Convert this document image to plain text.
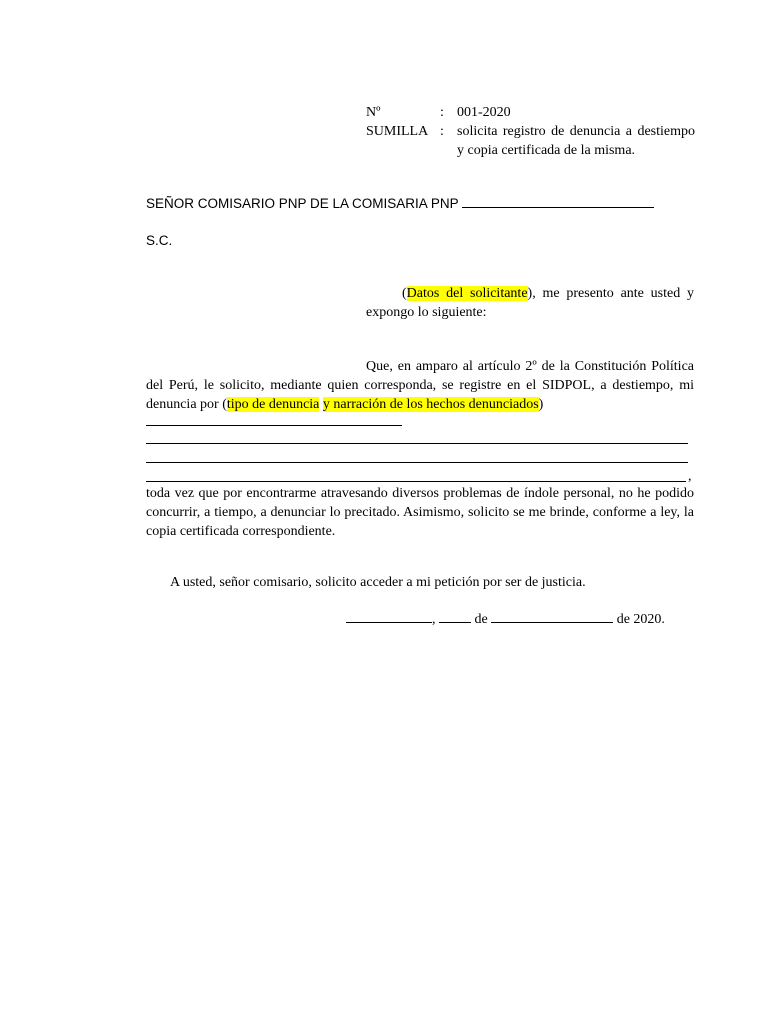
Nº	: 001-2020
SUMILLA : solicita registro de denuncia a destiempo y copia certificada de la misma.
SEÑOR COMISARIO PNP DE LA COMISARIA PNP
S.C.
(Datos del solicitante), me presento ante usted y expongo lo siguiente:
Que, en amparo al artículo 2º de la Constitución Política del Perú, le solicito, mediante quien corresponda, se registre en el SIDPOL, a destiempo, mi denuncia por (tipo de denuncia y narración de los hechos denunciados)
,
toda vez que por encontrarme atravesando diversos problemas de índole personal, no he podido concurrir, a tiempo, a denunciar lo precitado. Asimismo, solicito se me brinde, conforme a ley, la copia certificada correspondiente.
A usted, señor comisario, solicito acceder a mi petición por ser de justicia.
,	de	de 2020.
